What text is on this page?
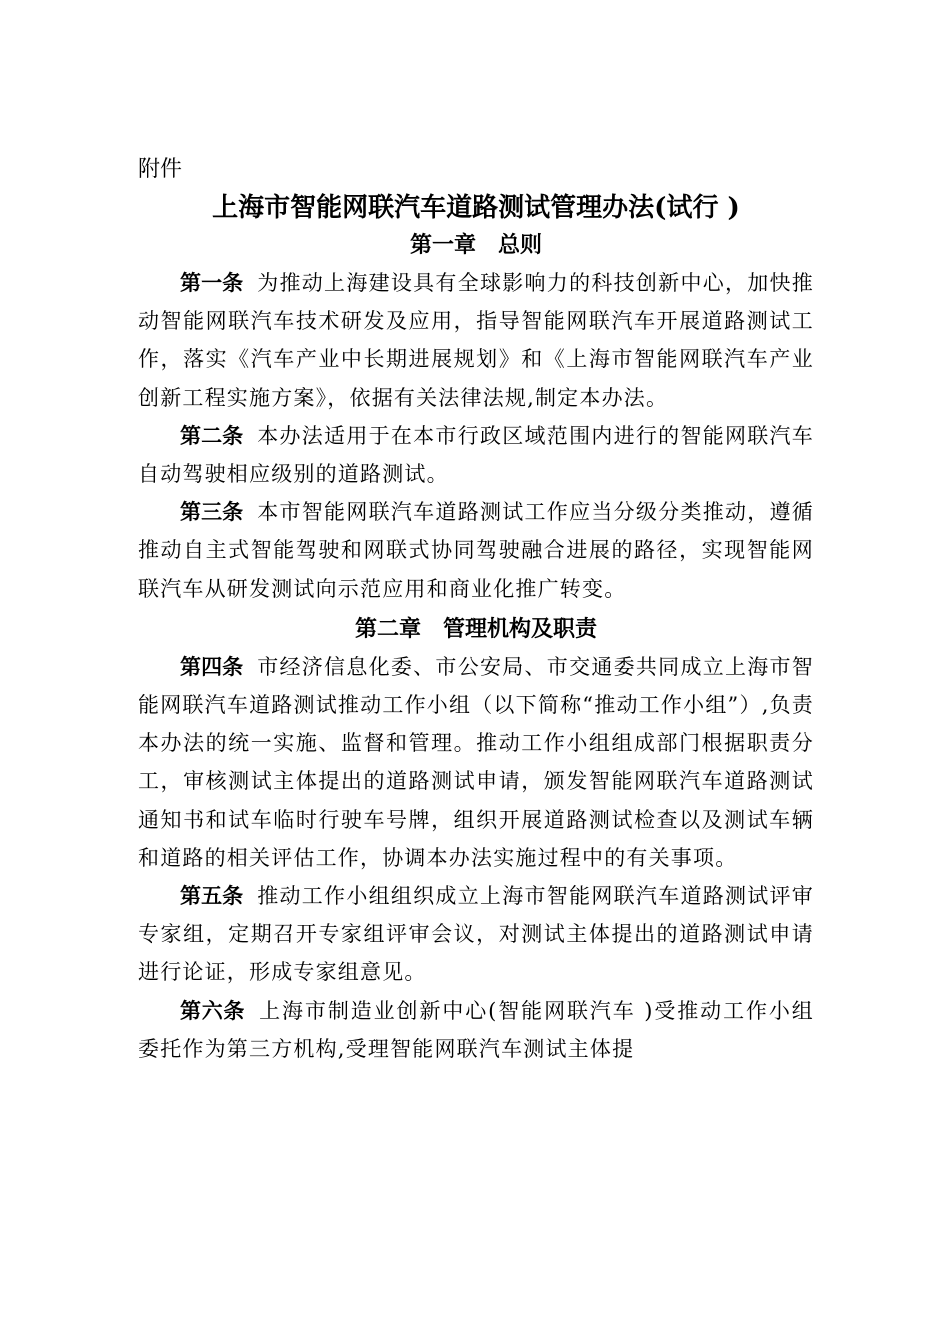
附件

上海市智能网联汽车道路测试管理办法(试行 )
第一章　总则

第一条 为推动上海建设具有全球影响力的科技创新中心，加快推动智能网联汽车技术研发及应用，指导智能网联汽车开展道路测试工作，落实《汽车产业中长期进展规划》和《上海市智能网联汽车产业创新工程实施方案》，依据有关法律法规,制定本办法。

第二条 本办法适用于在本市行政区域范围内进行的智能网联汽车自动驾驶相应级别的道路测试。

第三条 本市智能网联汽车道路测试工作应当分级分类推动，遵循推动自主式智能驾驶和网联式协同驾驶融合进展的路径，实现智能网联汽车从研发测试向示范应用和商业化推广转变。

第二章　管理机构及职责

第四条 市经济信息化委、市公安局、市交通委共同成立上海市智能网联汽车道路测试推动工作小组（以下简称“推动工作小组”）,负责本办法的统一实施、监督和管理。推动工作小组组成部门根据职责分工，审核测试主体提出的道路测试申请，颁发智能网联汽车道路测试通知书和试车临时行驶车号牌，组织开展道路测试检查以及测试车辆和道路的相关评估工作，协调本办法实施过程中的有关事项。

第五条 推动工作小组组织成立上海市智能网联汽车道路测试评审专家组，定期召开专家组评审会议，对测试主体提出的道路测试申请进行论证，形成专家组意见。

第六条 上海市制造业创新中心(智能网联汽车 )受推动工作小组委托作为第三方机构,受理智能网联汽车测试主体提
